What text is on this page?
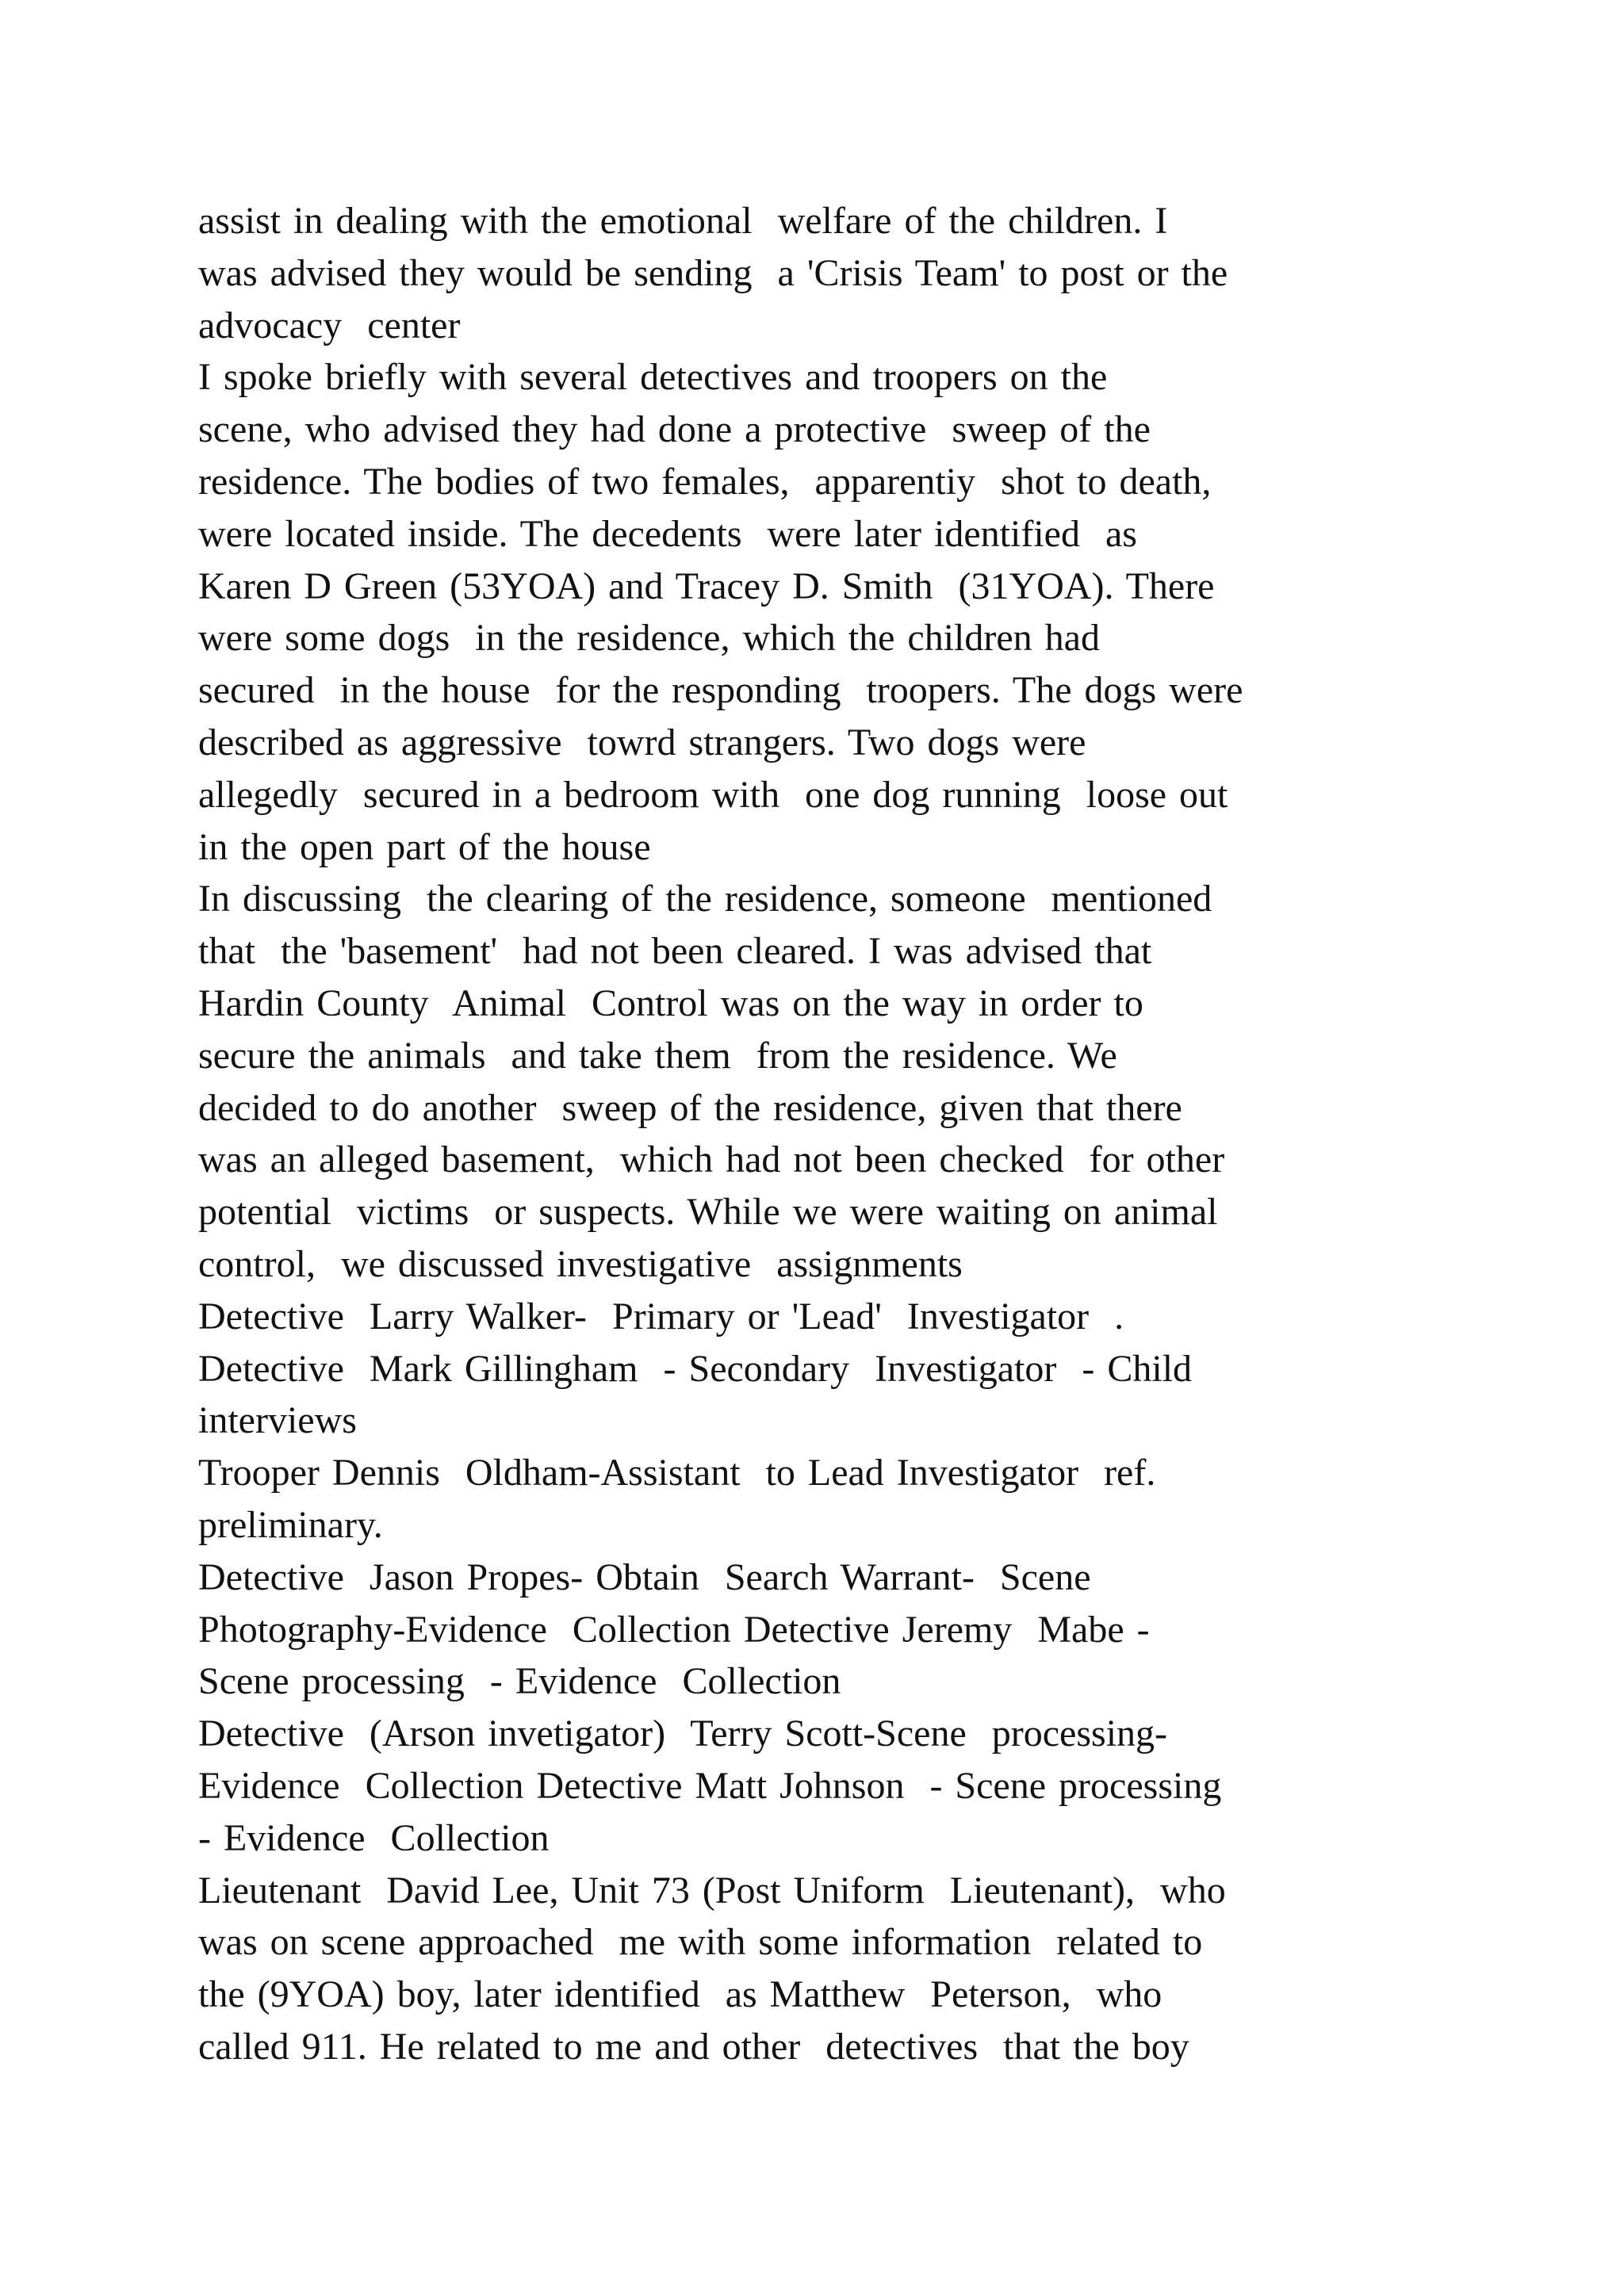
assist in dealing with the emotional  welfare of the children. I
was advised they would be sending  a 'Crisis Team' to post or the
advocacy  center
I spoke briefly with several detectives and troopers on the
scene, who advised they had done a protective  sweep of the
residence. The bodies of two females,  apparentiy  shot to death,
were located inside. The decedents  were later identified  as
Karen D Green (53YOA) and Tracey D. Smith  (31YOA). There
were some dogs  in the residence, which the children had
secured  in the house  for the responding  troopers. The dogs were
described as aggressive  towrd strangers. Two dogs were
allegedly  secured in a bedroom with  one dog running  loose out
in the open part of the house
In discussing  the clearing of the residence, someone  mentioned
that  the 'basement'  had not been cleared. I was advised that
Hardin County  Animal  Control was on the way in order to
secure the animals  and take them  from the residence. We
decided to do another  sweep of the residence, given that there
was an alleged basement,  which had not been checked  for other
potential  victims  or suspects. While we were waiting on animal
control,  we discussed investigative  assignments
Detective  Larry Walker-  Primary or 'Lead'  Investigator  .
Detective  Mark Gillingham  - Secondary  Investigator  - Child
interviews
Trooper Dennis  Oldham-Assistant  to Lead Investigator  ref.
preliminary.
Detective  Jason Propes- Obtain  Search Warrant-  Scene
Photography-Evidence  Collection Detective Jeremy  Mabe -
Scene processing  - Evidence  Collection
Detective  (Arson invetigator)  Terry Scott-Scene  processing-
Evidence  Collection Detective Matt Johnson  - Scene processing
- Evidence  Collection
Lieutenant  David Lee, Unit 73 (Post Uniform  Lieutenant),  who
was on scene approached  me with some information  related to
the (9YOA) boy, later identified  as Matthew  Peterson,  who
called 911. He related to me and other  detectives  that the boy
